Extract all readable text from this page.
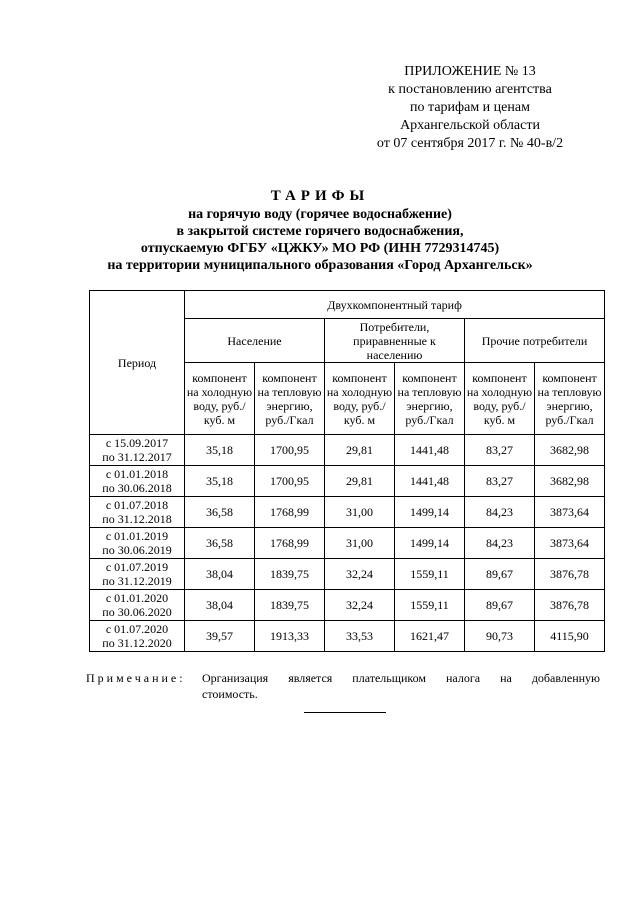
ПРИЛОЖЕНИЕ № 13
к постановлению агентства
по тарифам и ценам
Архангельской области
от 07 сентября 2017 г. № 40-в/2
ТАРИФЫ
на горячую воду (горячее водоснабжение)
в закрытой системе горячего водоснабжения,
отпускаемую ФГБУ «ЦЖКУ» МО РФ (ИНН 7729314745)
на территории муниципального образования «Город Архангельск»
Период	Двухкомпонентный тариф					
	Население		Потребители, приравненные к населению		Прочие потребители	
	компонент на холодную воду, руб./куб. м	компонент на тепловую энергию, руб./Гкал	компонент на холодную воду, руб./куб. м	компонент на тепловую энергию, руб./Гкал	компонент на холодную воду, руб./куб. м	компонент на тепловую энергию, руб./Гкал

с 15.09.2017
по 31.12.2017	35,18	1700,95	29,81	1441,48	83,27	3682,98

с 01.01.2018
по 30.06.2018	35,18	1700,95	29,81	1441,48	83,27	3682,98

с 01.07.2018
по 31.12.2018	36,58	1768,99	31,00	1499,14	84,23	3873,64

с 01.01.2019
по 30.06.2019	36,58	1768,99	31,00	1499,14	84,23	3873,64

с 01.07.2019
по 31.12.2019	38,04	1839,75	32,24	1559,11	89,67	3876,78

с 01.01.2020
по 30.06.2020	38,04	1839,75	32,24	1559,11	89,67	3876,78

с 01.07.2020
по 31.12.2020	39,57	1913,33	33,53	1621,47	90,73	4115,90
Примечание: Организация является плательщиком налога на добавленную
стоимость.
